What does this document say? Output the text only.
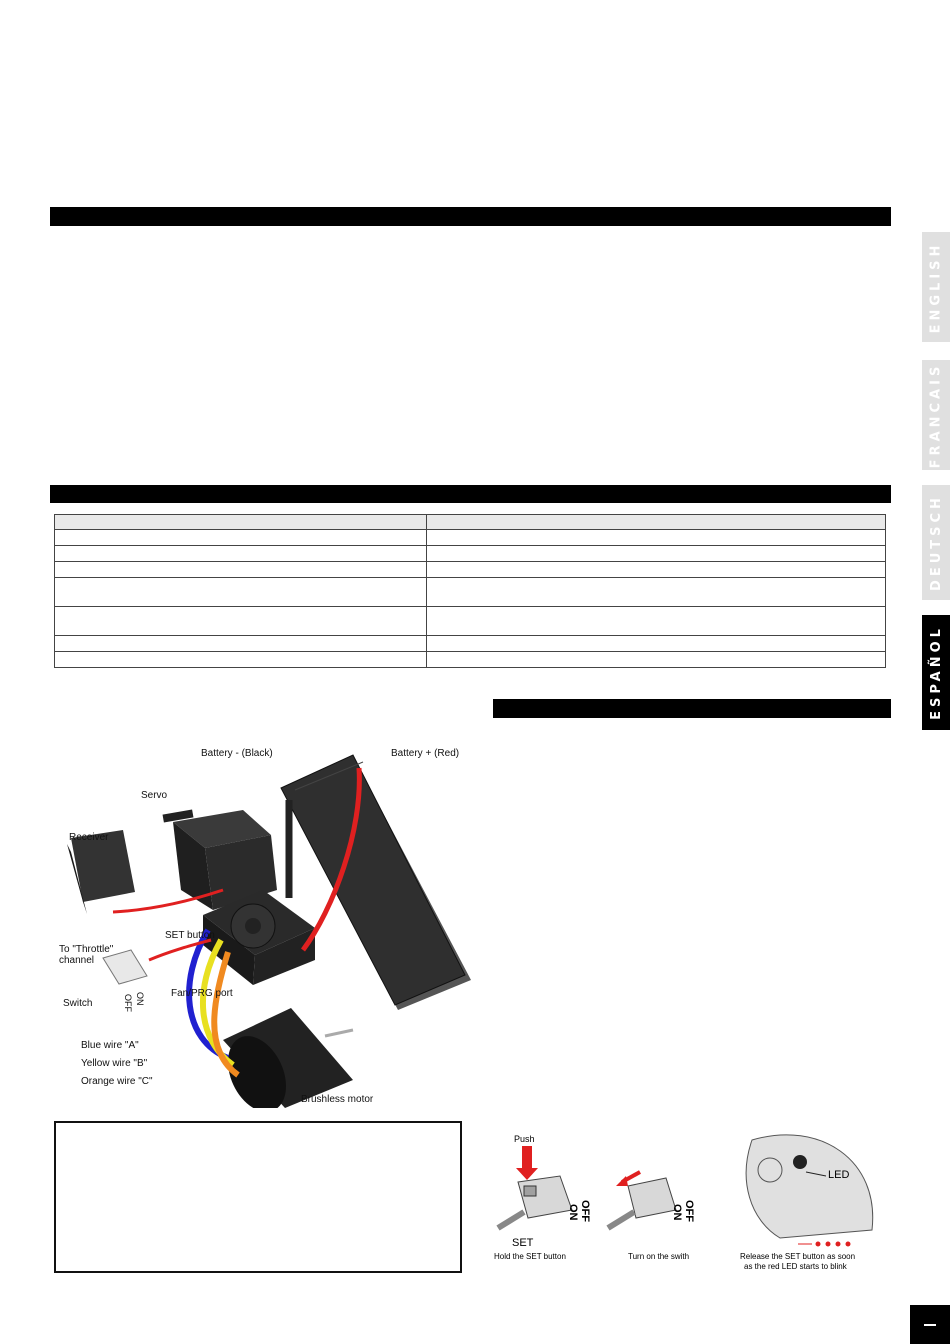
ENGLISH
FRANCAIS
DEUTSCH
ESPAÑOL

Battery - (Black)	Battery + (Red)
Servo
Receiver
SET button
To "Throttle"
channel
Switch	ON
OFF
Fan/PRG port
Blue wire "A"
Yellow wire "B"
Orange wire "C"
Brushless motor
Push
OFF
ON
SET
Hold the SET button
OFF
ON
Turn on the swith
LED
Release the SET button as soon
as the red LED starts to blink
